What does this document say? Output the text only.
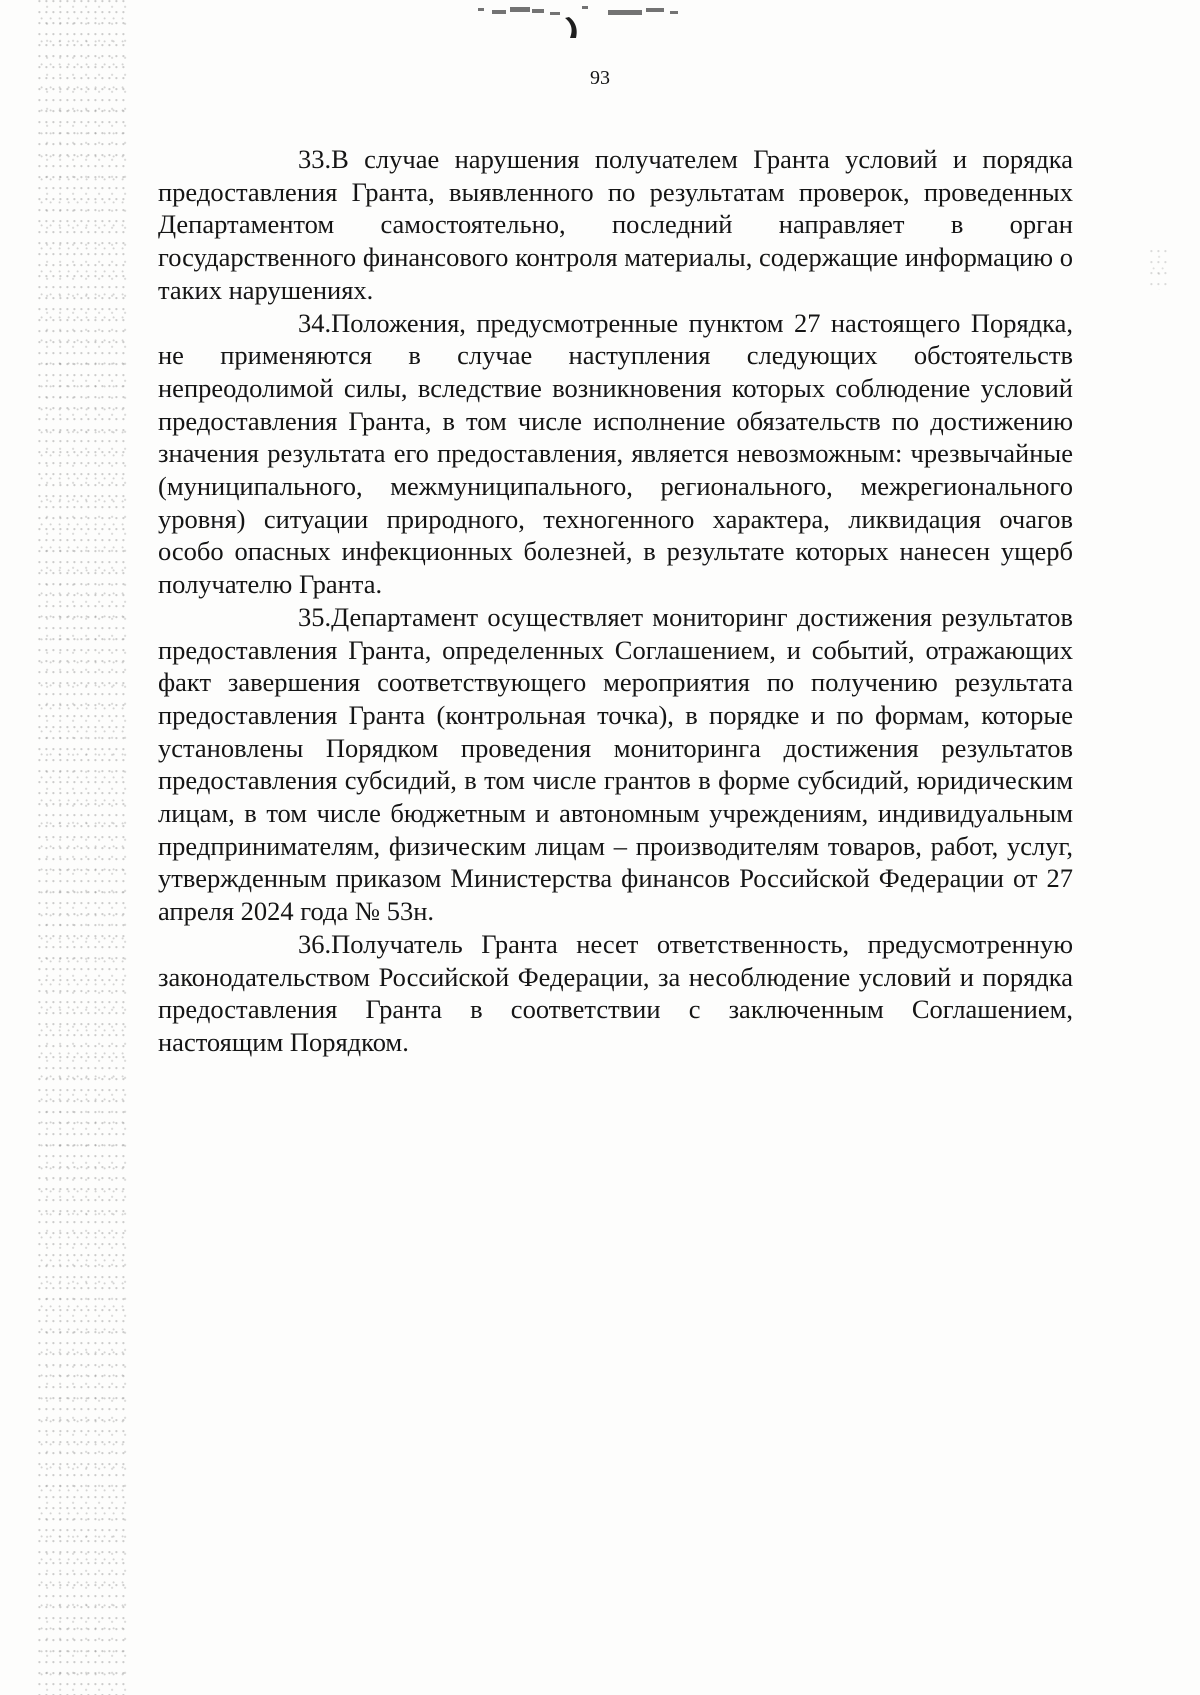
93

33.В случае нарушения получателем Гранта условий и порядка предоставления Гранта, выявленного по результатам проверок, проведенных Департаментом самостоятельно, последний направляет в орган государственного финансового контроля материалы, содержащие информацию о таких нарушениях.

34.Положения, предусмотренные пунктом 27 настоящего Порядка, не применяются в случае наступления следующих обстоятельств непреодолимой силы, вследствие возникновения которых соблюдение условий предоставления Гранта, в том числе исполнение обязательств по достижению значения результата его предоставления, является невозможным: чрезвычайные (муниципального, межмуниципального, регионального, межрегионального уровня) ситуации природного, техногенного характера, ликвидация очагов особо опасных инфекционных болезней, в результате которых нанесен ущерб получателю Гранта.

35.Департамент осуществляет мониторинг достижения результатов предоставления Гранта, определенных Соглашением, и событий, отражающих факт завершения соответствующего мероприятия по получению результата предоставления Гранта (контрольная точка), в порядке и по формам, которые установлены Порядком проведения мониторинга достижения результатов предоставления субсидий, в том числе грантов в форме субсидий, юридическим лицам, в том числе бюджетным и автономным учреждениям, индивидуальным предпринимателям, физическим лицам – производителям товаров, работ, услуг, утвержденным приказом Министерства финансов Российской Федерации от 27 апреля 2024 года № 53н.

36.Получатель Гранта несет ответственность, предусмотренную законодательством Российской Федерации, за несоблюдение условий и порядка предоставления Гранта в соответствии с заключенным Соглашением, настоящим Порядком.
